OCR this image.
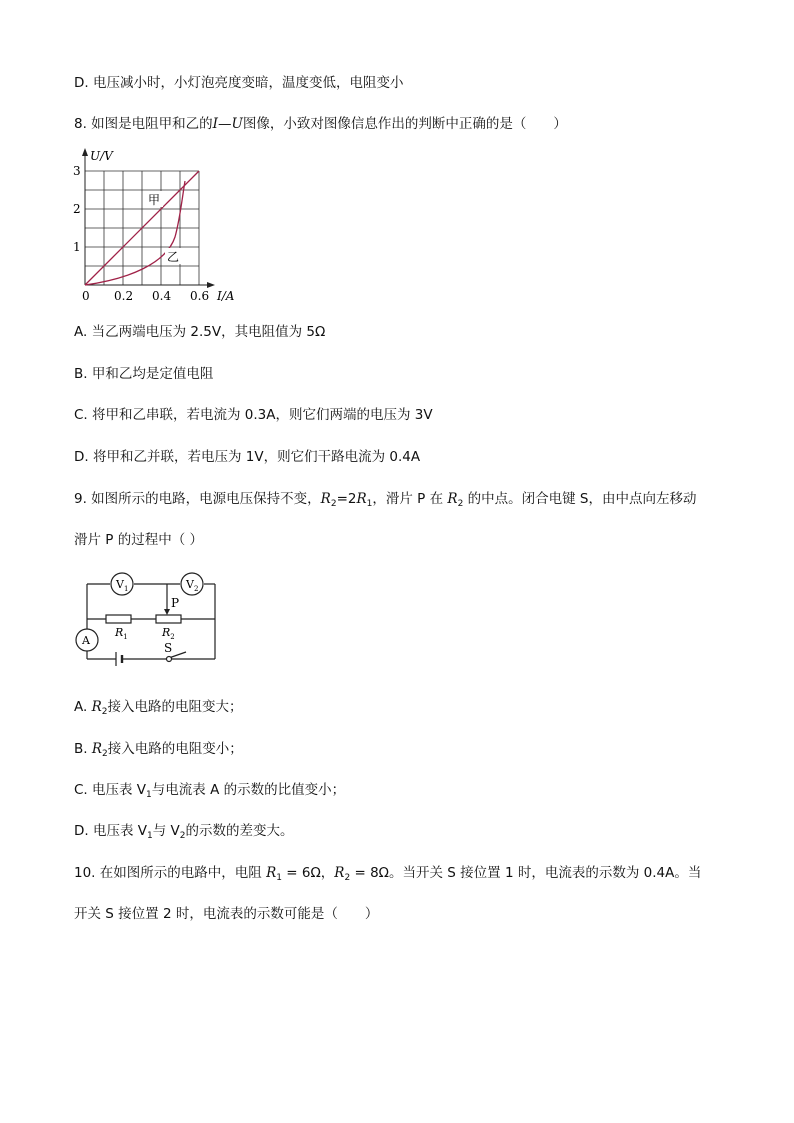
D. 电压减小时，小灯泡亮度变暗，温度变低，电阻变小
8. 如图是电阻甲和乙的I—U图像，小致对图像信息作出的判断中正确的是（　　）
甲
乙
U/V
I/A
3
2
1
0 0.2 0.4 0.6
A. 当乙两端电压为 2.5V，其电阻值为 5Ω
B. 甲和乙均是定值电阻
C. 将甲和乙串联，若电流为 0.3A，则它们两端的电压为 3V
D. 将甲和乙并联，若电压为 1V，则它们干路电流为 0.4A
9. 如图所示的电路，电源电压保持不变，$R_2=2R_1$，滑片 P 在 $R_2$ 的中点。闭合电键 S，由中点向左移动
滑片 P 的过程中（ ）
$V_1$	$V_2$
A
P
$R_1$	$R_2$
S
A. $R_2$接入电路的电阻变大；
B. $R_2$接入电路的电阻变小；
C. 电压表 $V_1$与电流表 A 的示数的比值变小；
D. 电压表 $V_1$与 $V_2$的示数的差变大。
10. 在如图所示的电路中，电阻 $R_1 = 6\Omega$，$R_2 = 8\Omega$。当开关 S 接位置 1 时，电流表的示数为 0.4A。当
开关 S 接位置 2 时，电流表的示数可能是（　　）
